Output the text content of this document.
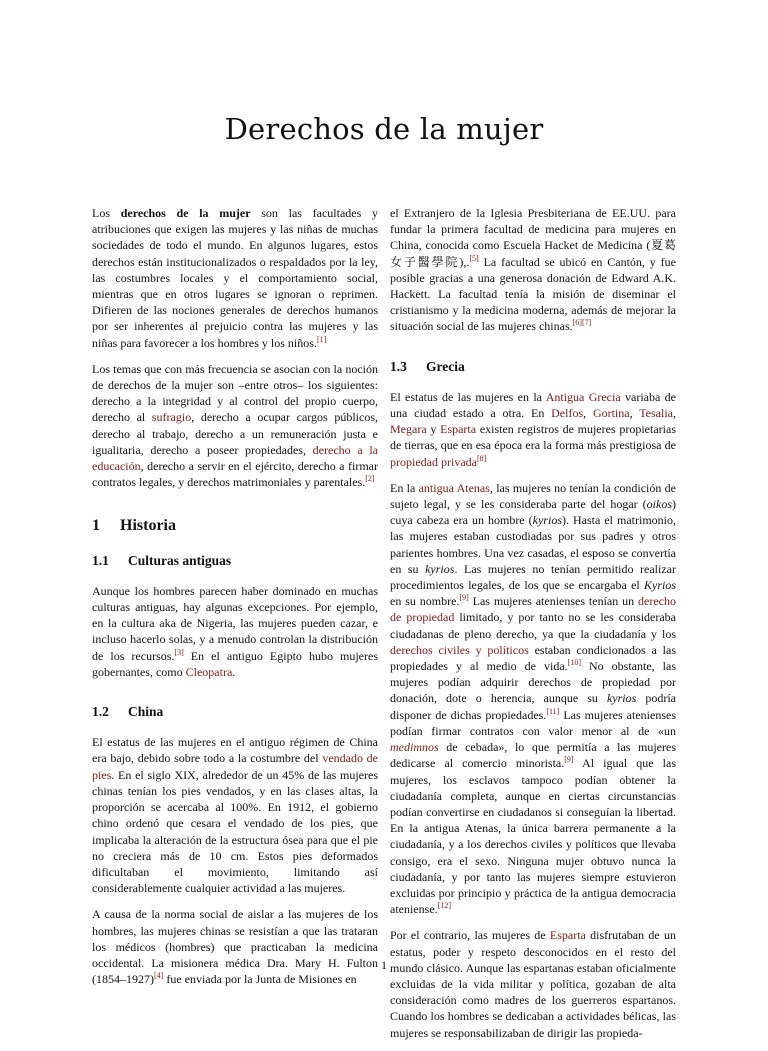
Derechos de la mujer

Los derechos de la mujer son las facultades y atribuciones que exigen las mujeres y las niñas de muchas sociedades de todo el mundo. En algunos lugares, estos derechos están institucionalizados o respaldados por la ley, las costumbres locales y el comportamiento social, mientras que en otros lugares se ignoran o reprimen. Difieren de las nociones generales de derechos humanos por ser inherentes al prejuicio contra las mujeres y las niñas para favorecer a los hombres y los niños.[1]

Los temas que con más frecuencia se asocian con la noción de derechos de la mujer son –entre otros– los siguientes: derecho a la integridad y al control del propio cuerpo, derecho al sufragio, derecho a ocupar cargos públicos, derecho al trabajo, derecho a un remuneración justa e igualitaria, derecho a poseer propiedades, derecho a la educación, derecho a servir en el ejército, derecho a firmar contratos legales, y derechos matrimoniales y parentales.[2]

1 Historia
1.1 Culturas antiguas

Aunque los hombres parecen haber dominado en muchas culturas antiguas, hay algunas excepciones. Por ejemplo, en la cultura aka de Nigeria, las mujeres pueden cazar, e incluso hacerlo solas, y a menudo controlan la distribución de los recursos.[3] En el antiguo Egipto hubo mujeres gobernantes, como Cleopatra.

1.2 China

El estatus de las mujeres en el antiguo régimen de China era bajo, debido sobre todo a la costumbre del vendado de pies. En el siglo XIX, alrededor de un 45% de las mujeres chinas tenían los pies vendados, y en las clases altas, la proporción se acercaba al 100%. En 1912, el gobierno chino ordenó que cesara el vendado de los pies, que implicaba la alteración de la estructura ósea para que el pie no creciera más de 10 cm. Estos pies deformados dificultaban el movimiento, limitando así considerablemente cualquier actividad a las mujeres.

A causa de la norma social de aislar a las mujeres de los hombres, las mujeres chinas se resistían a que las trataran los médicos (hombres) que practicaban la medicina occidental. La misionera médica Dra. Mary H. Fulton (1854–1927)[4] fue enviada por la Junta de Misiones en

el Extranjero de la Iglesia Presbiteriana de EE.UU. para fundar la primera facultad de medicina para mujeres en China, conocida como Escuela Hacket de Medicina (夏葛女子醫學院),.[5] La facultad se ubicó en Cantón, y fue posible gracias a una generosa donación de Edward A.K. Hackett. La facultad tenía la misión de diseminar el cristianismo y la medicina moderna, además de mejorar la situación social de las mujeres chinas.[6][7]

1.3 Grecia

El estatus de las mujeres en la Antigua Grecia variaba de una ciudad estado a otra. En Delfos, Gortina, Tesalia, Megara y Esparta existen registros de mujeres propietarias de tierras, que en esa época era la forma más prestigiosa de propiedad privada[8]

En la antigua Atenas, las mujeres no tenían la condición de sujeto legal, y se les consideraba parte del hogar (oikos) cuya cabeza era un hombre (kyrios). Hasta el matrimonio, las mujeres estaban custodiadas por sus padres y otros parientes hombres. Una vez casadas, el esposo se convertía en su kyrios. Las mujeres no tenían permitido realizar procedimientos legales, de los que se encargaba el Kyrios en su nombre.[9] Las mujeres atenienses tenían un derecho de propiedad limitado, y por tanto no se les consideraba ciudadanas de pleno derecho, ya que la ciudadanía y los derechos civiles y políticos estaban condicionados a las propiedades y al medio de vida.[10] No obstante, las mujeres podían adquirir derechos de propiedad por donación, dote o herencia, aunque su kyrios podría disponer de dichas propiedades.[11] Las mujeres atenienses podían firmar contratos con valor menor al de «un medimnos de cebada», lo que permitía a las mujeres dedicarse al comercio minorista.[9] Al igual que las mujeres, los esclavos tampoco podían obtener la ciudadanía completa, aunque en ciertas circunstancias podían convertirse en ciudadanos si conseguían la libertad. En la antigua Atenas, la única barrera permanente a la ciudadanía, y a los derechos civiles y políticos que llevaba consigo, era el sexo. Ninguna mujer obtuvo nunca la ciudadanía, y por tanto las mujeres siempre estuvieron excluidas por principio y práctica de la antigua democracia ateniense.[12]

Por el contrario, las mujeres de Esparta disfrutaban de un estatus, poder y respeto desconocidos en el resto del mundo clásico. Aunque las espartanas estaban oficialmente excluidas de la vida militar y política, gozaban de alta consideración como madres de los guerreros espartanos. Cuando los hombres se dedicaban a actividades bélicas, las mujeres se responsabilizaban de dirigir las propieda-

1
